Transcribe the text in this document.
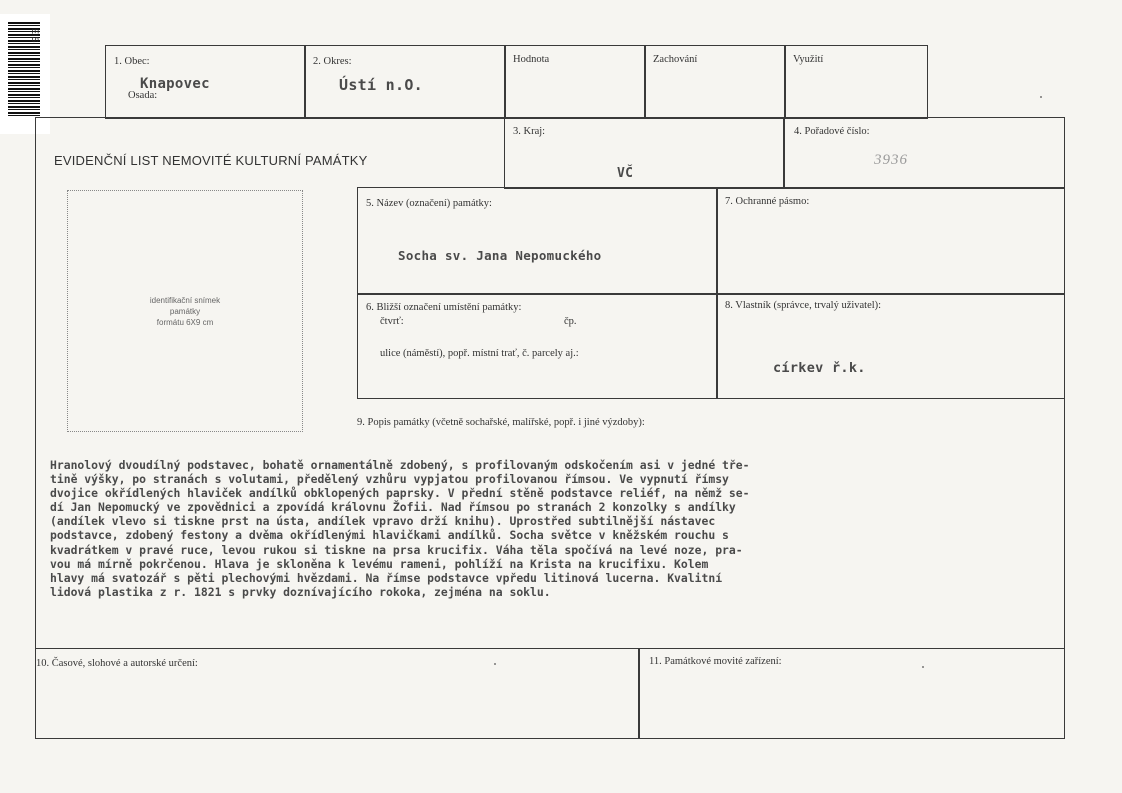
EIS
1. Obec:
Knapovec
Osada:
2. Okres:
Ústí n.O.
Hodnota	Zachování	Využití
EVIDENČNÍ LIST NEMOVITÉ KULTURNÍ PAMÁTKY
3. Kraj:
VČ
4. Pořadové číslo:
3936
identifikační snímek
památky
formátu 6X9 cm
5. Název (označení) památky:
Socha sv. Jana Nepomuckého
7. Ochranné pásmo:
6. Bližší označení umístění památky:
čtvrť:	čp.
ulice (náměstí), popř. místní trať, č. parcely aj.:
8. Vlastník (správce, trvalý uživatel):
církev ř.k.
9. Popis památky (včetně sochařské, malířské, popř. i jiné výzdoby):
Hranolový dvoudílný podstavec, bohatě ornamentálně zdobený, s profilovaným odskočením asi v jedné tře-
tině výšky, po stranách s volutami, předělený vzhůru vypjatou profilovanou římsou. Ve vypnutí římsy
dvojice okřídlených hlaviček andílků obklopených paprsky. V přední stěně podstavce reliéf, na němž se-
dí Jan Nepomucký ve zpovědnici a zpovídá královnu Žofii. Nad římsou po stranách 2 konzolky s andílky
(andílek vlevo si tiskne prst na ústa, andílek vpravo drží knihu). Uprostřed subtilnější nástavec
podstavce, zdobený festony a dvěma okřídlenými hlavičkami andílků. Socha světce v kněžském rouchu s
kvadrátkem v pravé ruce, levou rukou si tiskne na prsa krucifix. Váha těla spočívá na levé noze, pra-
vou má mírně pokrčenou. Hlava je skloněna k levému rameni, pohlíží na Krista na krucifixu. Kolem
hlavy má svatozář s pěti plechovými hvězdami. Na římse podstavce vpředu litinová lucerna. Kvalitní
lidová plastika z r. 1821 s prvky doznívajícího rokoka, zejména na soklu.
10. Časové, slohové a autorské určení:	11. Památkové movité zařízení:
